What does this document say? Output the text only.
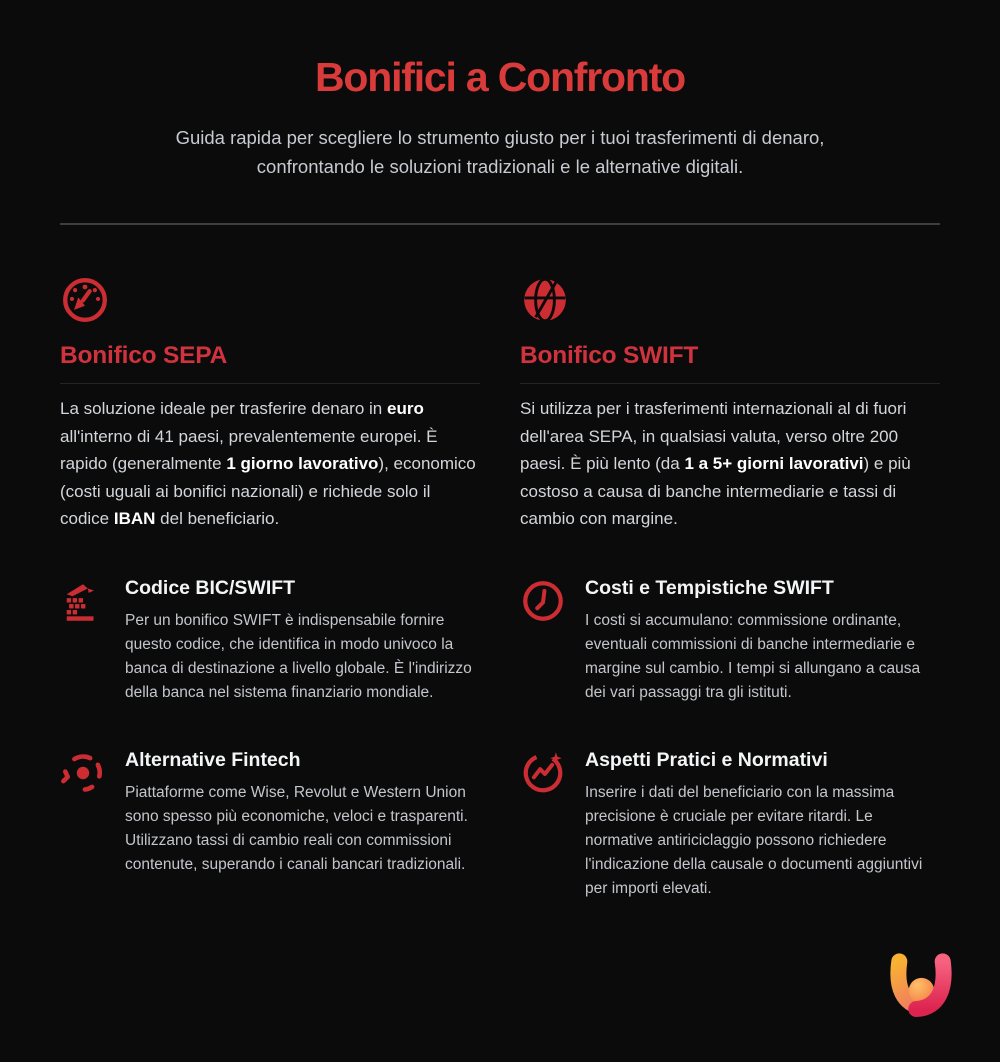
Bonifici a Confronto

Guida rapida per scegliere lo strumento giusto per i tuoi trasferimenti di denaro, confrontando le soluzioni tradizionali e le alternative digitali.

Bonifico SEPA

La soluzione ideale per trasferire denaro in euro all'interno di 41 paesi, prevalentemente europei. È rapido (generalmente 1 giorno lavorativo), economico (costi uguali ai bonifici nazionali) e richiede solo il codice IBAN del beneficiario.

Bonifico SWIFT

Si utilizza per i trasferimenti internazionali al di fuori dell'area SEPA, in qualsiasi valuta, verso oltre 200 paesi. È più lento (da 1 a 5+ giorni lavorativi) e più costoso a causa di banche intermediarie e tassi di cambio con margine.

Codice BIC/SWIFT

Per un bonifico SWIFT è indispensabile fornire questo codice, che identifica in modo univoco la banca di destinazione a livello globale. È l'indirizzo della banca nel sistema finanziario mondiale.

Costi e Tempistiche SWIFT

I costi si accumulano: commissione ordinante, eventuali commissioni di banche intermediarie e margine sul cambio. I tempi si allungano a causa dei vari passaggi tra gli istituti.

Alternative Fintech

Piattaforme come Wise, Revolut e Western Union sono spesso più economiche, veloci e trasparenti. Utilizzano tassi di cambio reali con commissioni contenute, superando i canali bancari tradizionali.

Aspetti Pratici e Normativi

Inserire i dati del beneficiario con la massima precisione è cruciale per evitare ritardi. Le normative antiriciclaggio possono richiedere l'indicazione della causale o documenti aggiuntivi per importi elevati.
